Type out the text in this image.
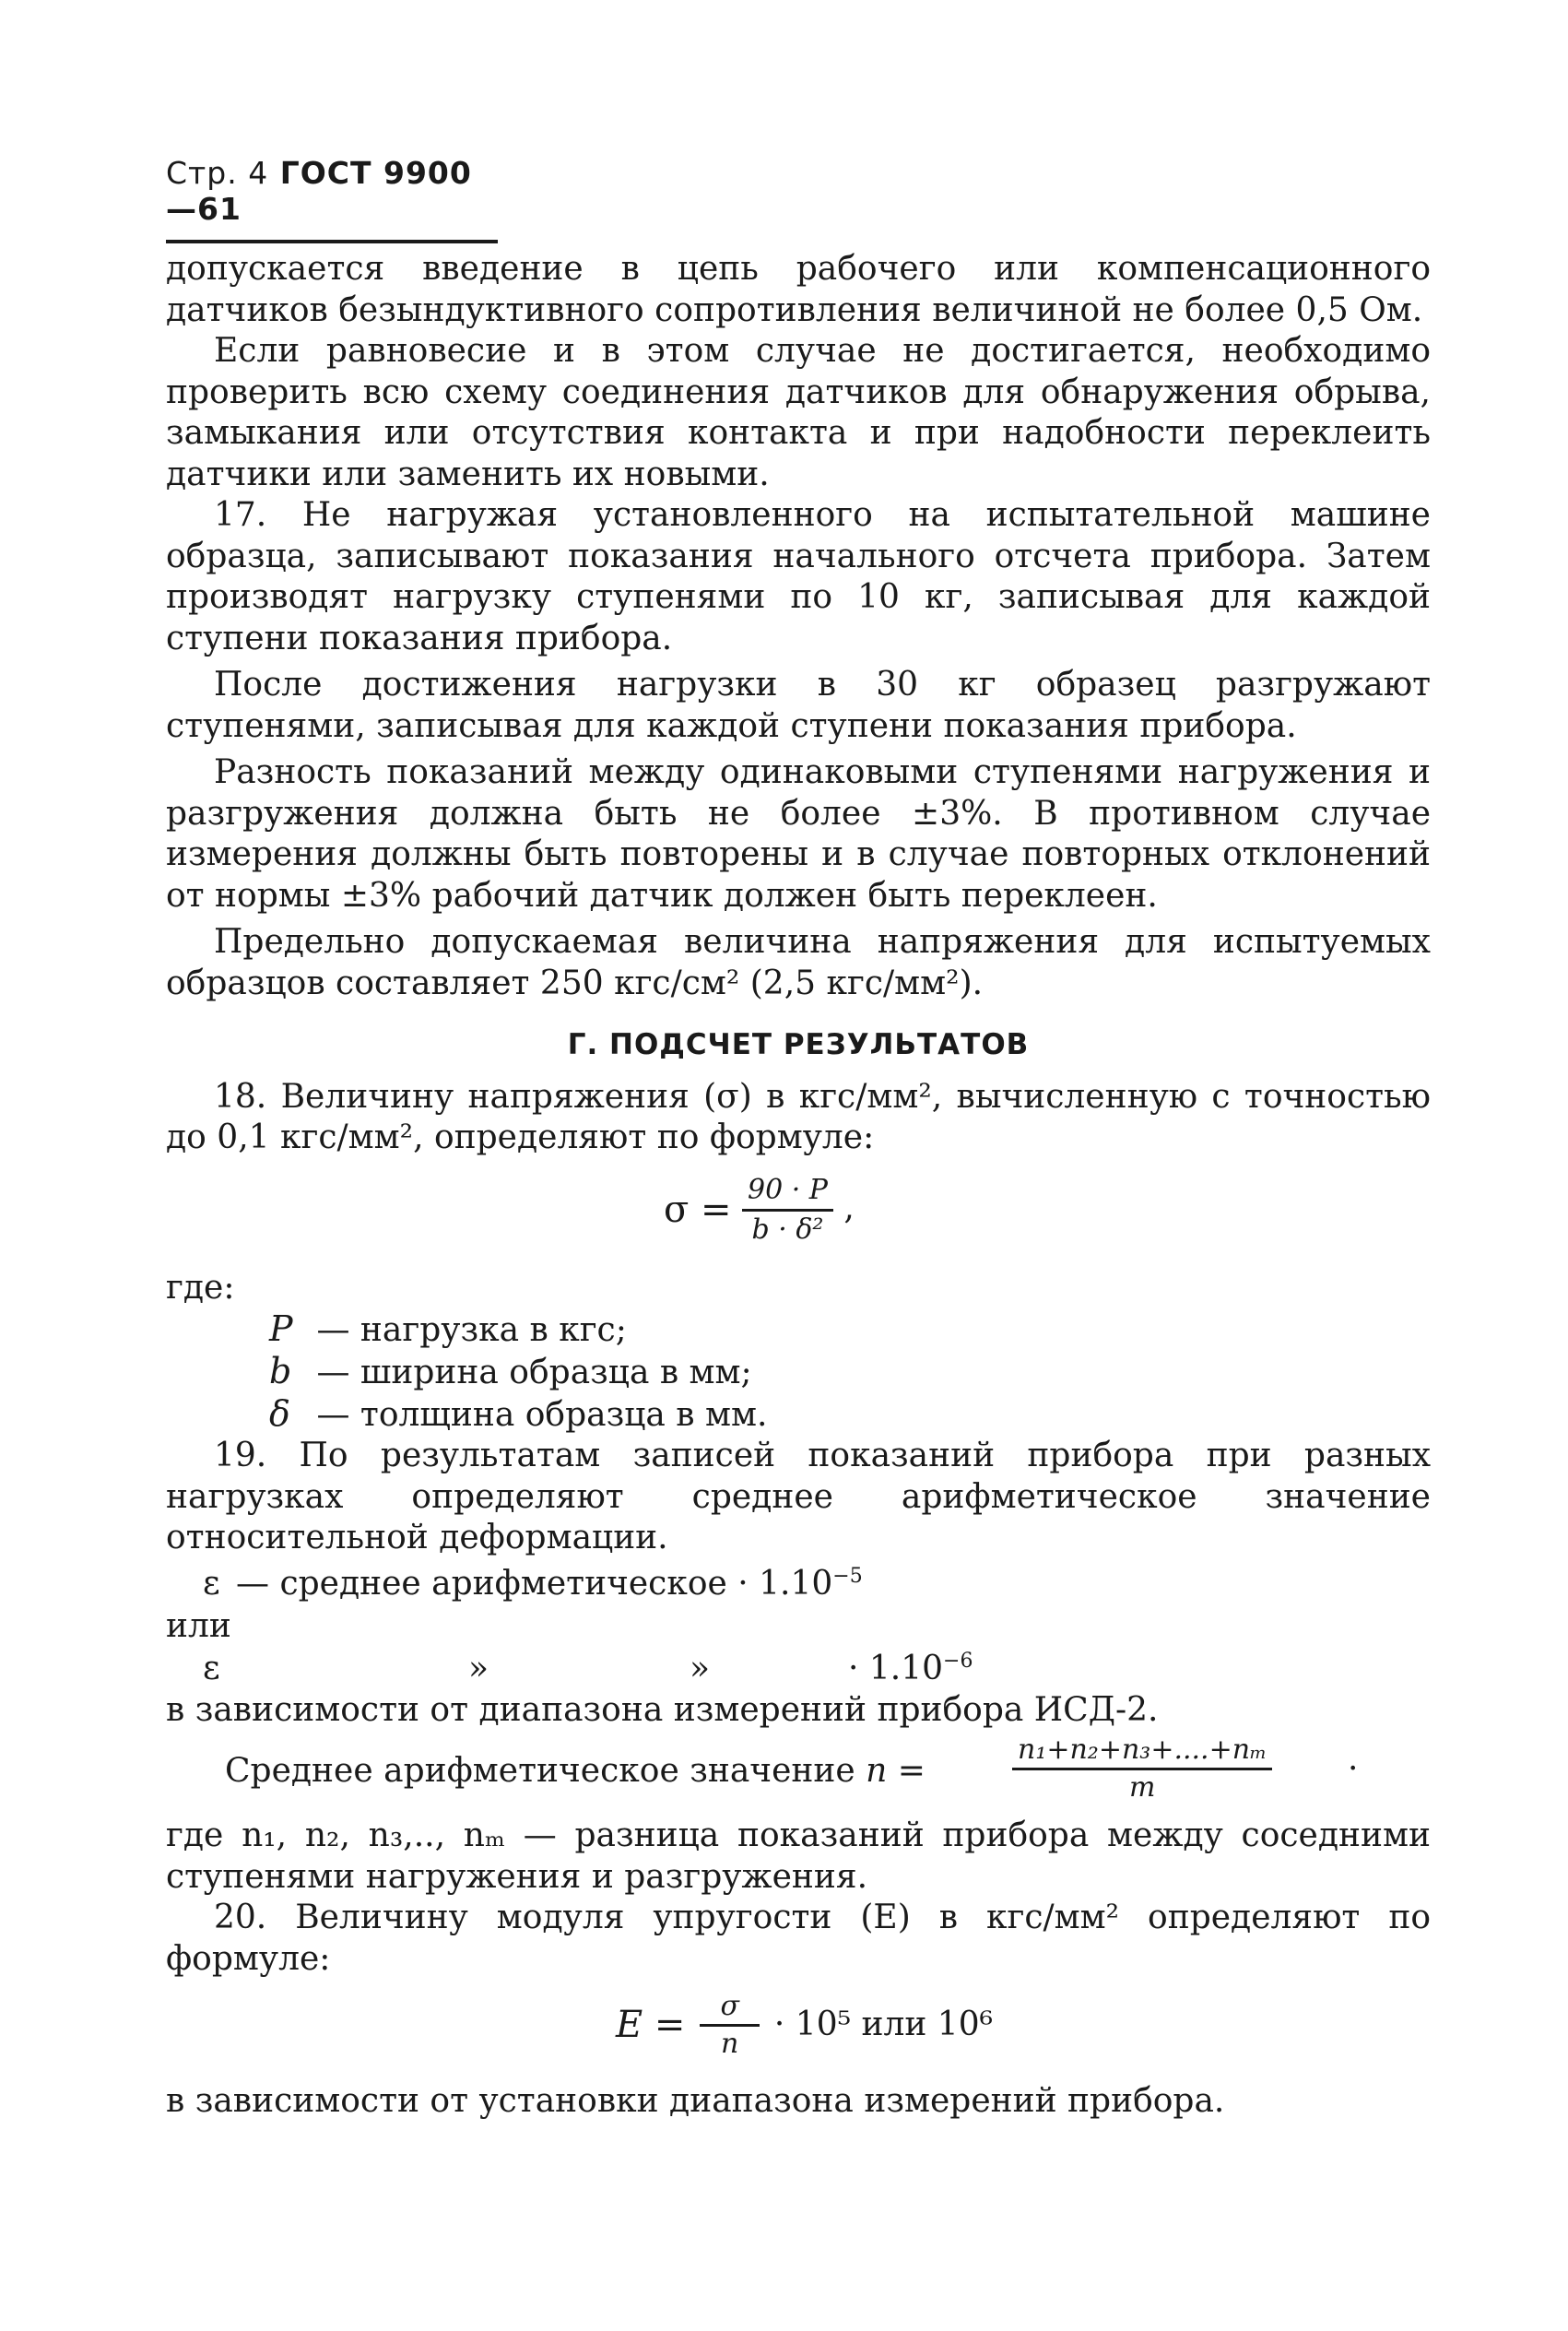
Стр. 4 ГОСТ 9900—61

допускается введение в цепь рабочего или компенсационного датчиков безындуктивного сопротивления величиной не более 0,5 Ом.

Если равновесие и в этом случае не достигается, необходимо проверить всю схему соединения датчиков для обнаружения обрыва, замыкания или отсутствия контакта и при надобности переклеить датчики или заменить их новыми.

17. Не нагружая установленного на испытательной машине образца, записывают показания начального отсчета прибора. Затем производят нагрузку ступенями по 10 кг, записывая для каждой ступени показания прибора.

После достижения нагрузки в 30 кг образец разгружают ступенями, записывая для каждой ступени показания прибора.

Разность показаний между одинаковыми ступенями нагружения и разгружения должна быть не более ±3%. В противном случае измерения должны быть повторены и в случае повторных отклонений от нормы ±3% рабочий датчик должен быть переклеен.

Предельно допускаемая величина напряжения для испытуемых образцов составляет 250 кгс/см² (2,5 кгс/мм²).

Г. ПОДСЧЕТ РЕЗУЛЬТАТОВ

18. Величину напряжения (σ) в кгс/мм², вычисленную с точностью до 0,1 кгс/мм², определяют по формуле:

$\sigma = \frac{90 \cdot P}{\text{b · δ²}}$ ,

где:

P — нагрузка в кгс;
b — ширина образца в мм;
δ — толщина образца в мм.

19. По результатам записей показаний прибора при разных нагрузках определяют среднее арифметическое значение относительной деформации.

ε — среднее арифметическое · $1.10^{-5}$
или
ε	»	»	· $1.10^{-6}$

в зависимости от диапазона измерений прибора ИСД-2.

Среднее арифметическое значение n =	$\frac{\text{n₁+n₂+n₃+....+nₘ}}{m}$ ·

где n₁, n₂, n₃,.., nₘ — разница показаний прибора между соседними ступенями нагружения и разгружения.

20. Величину модуля упругости (E) в кгс/мм² определяют по формуле:

$E = \frac{\sigma}{n} \cdot 10^5$ или 10⁶

в зависимости от установки диапазона измерений прибора.
